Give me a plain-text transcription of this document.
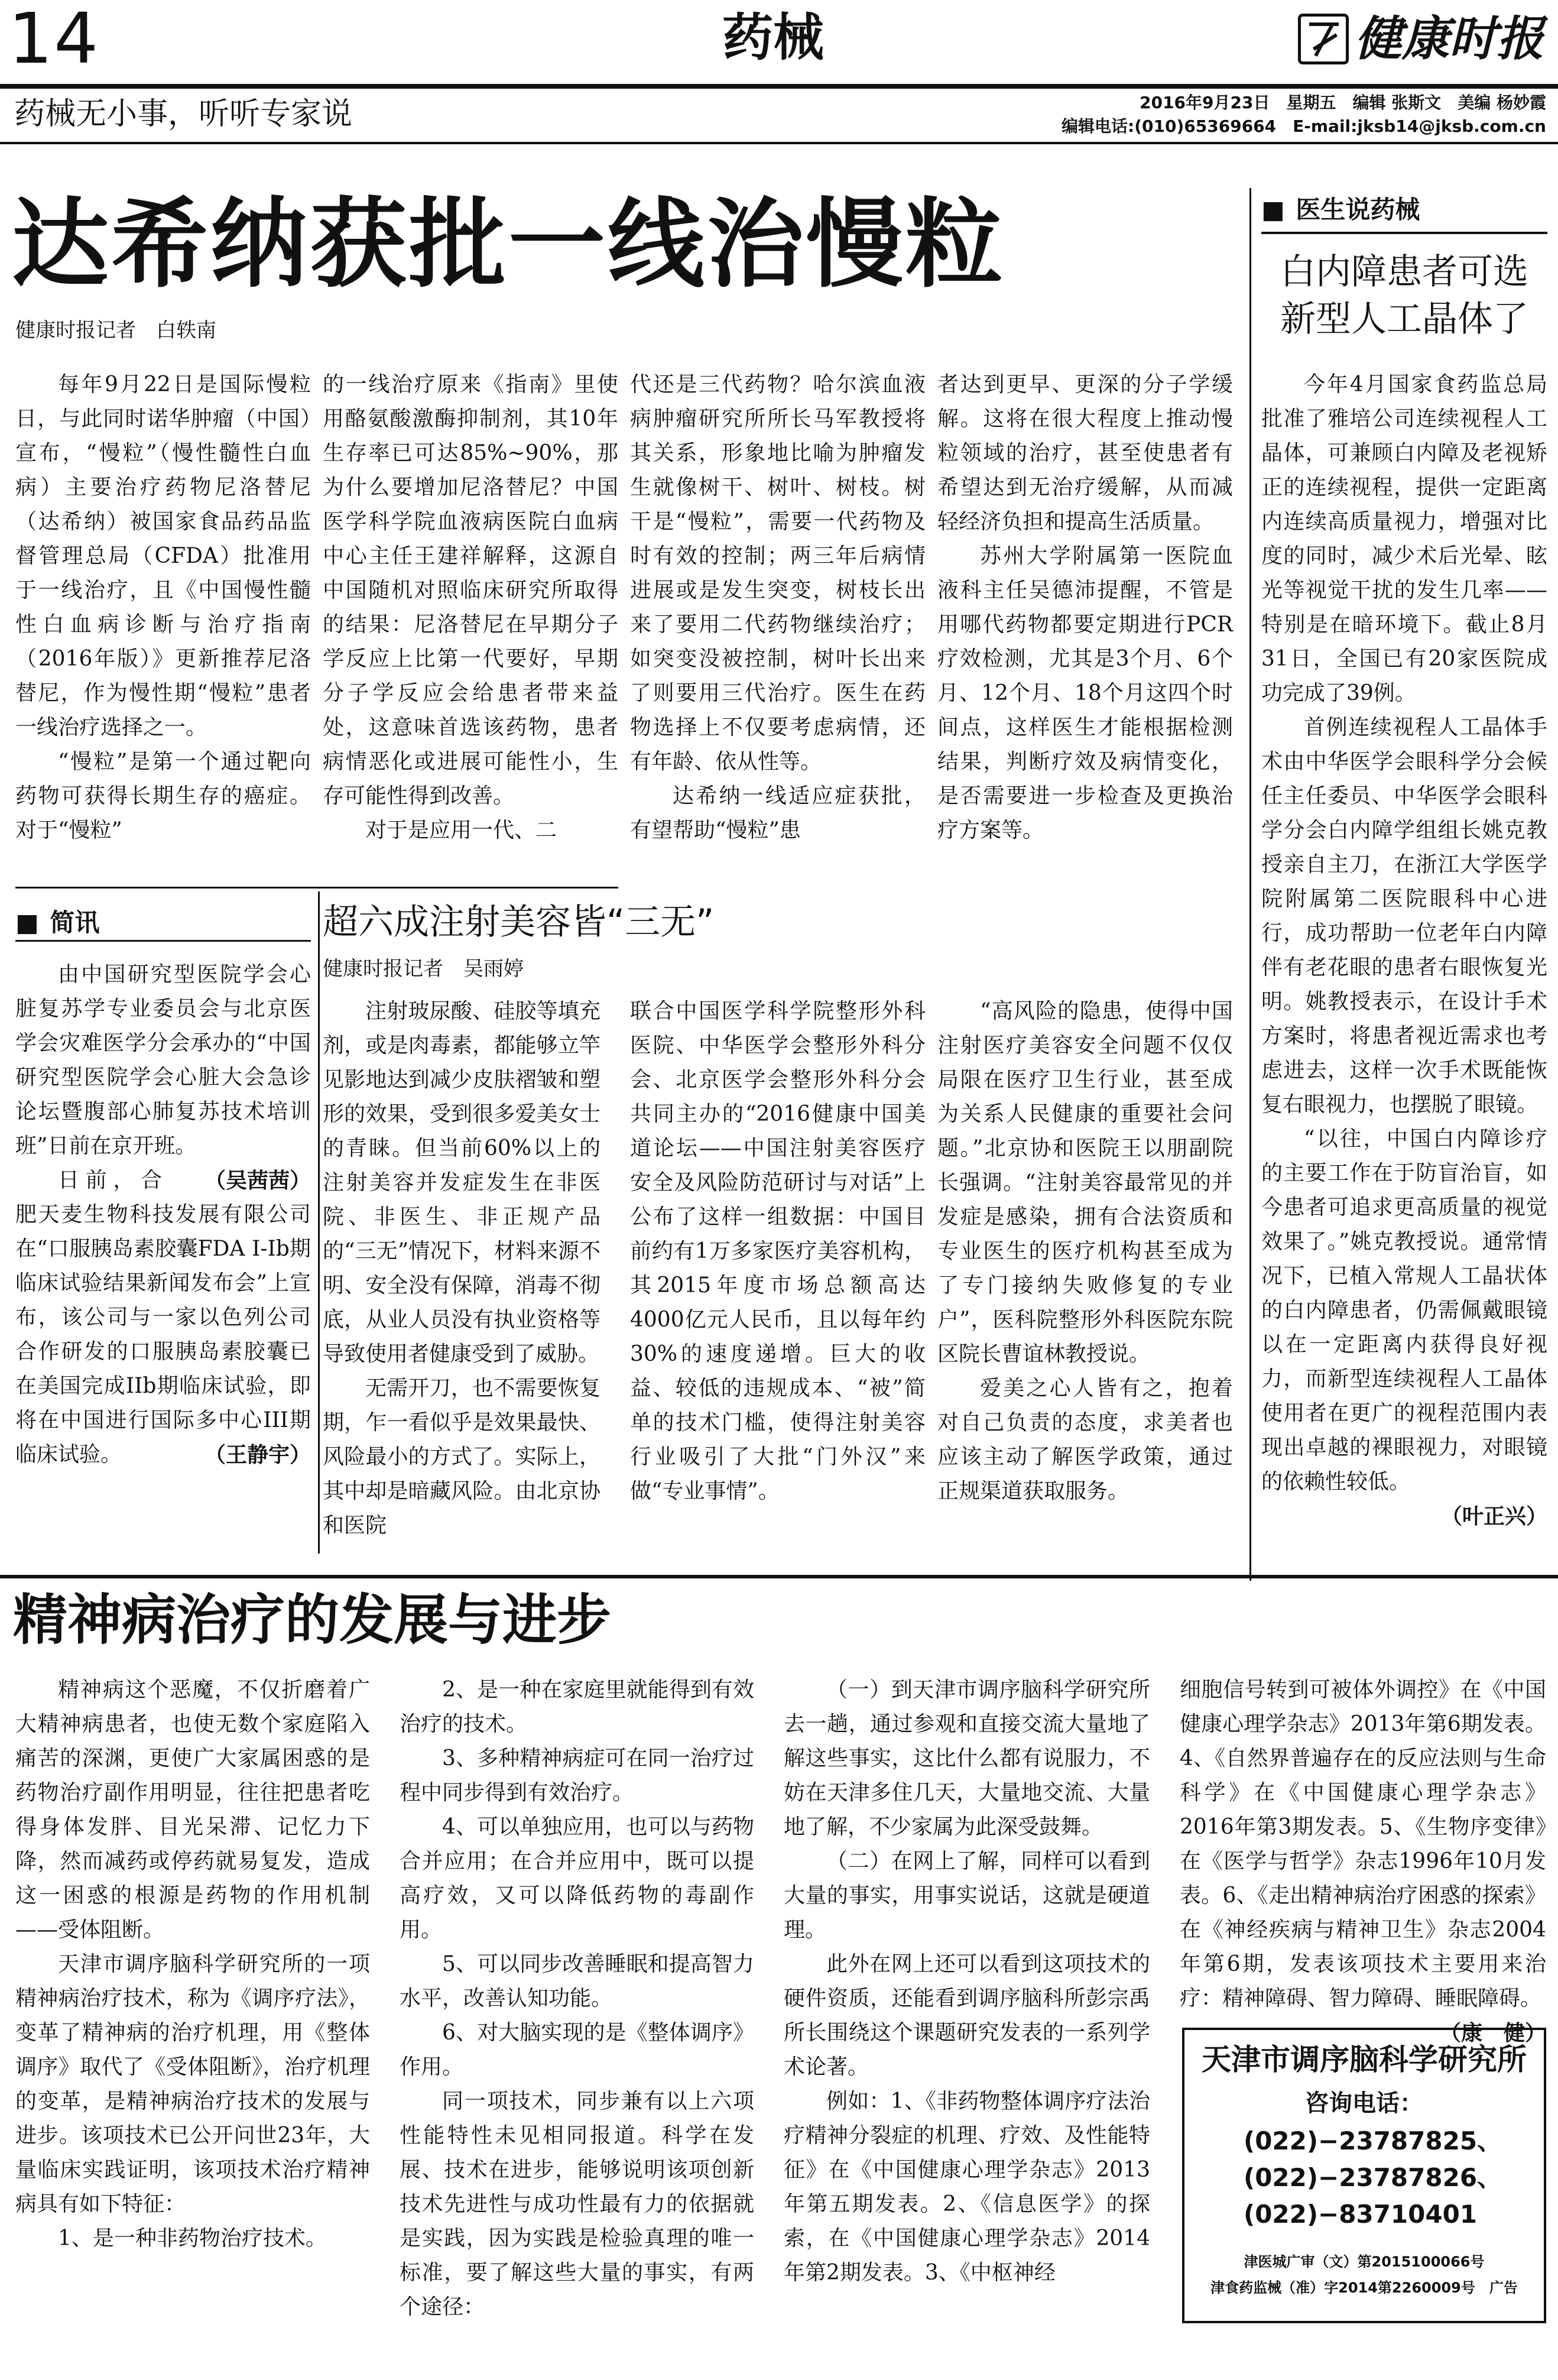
14	药械	健康时报
药械无小事，听听专家说	2016年9月23日　星期五　编辑 张斯文　美编 杨妙霞
编辑电话:(010)65369664　E-mail:jksb14@jksb.com.cn
达希纳获批一线治慢粒
健康时报记者　白轶南

每年9月22日是国际慢粒日，与此同时诺华肿瘤（中国）宣布，“慢粒”（慢性髓性白血病）主要治疗药物尼洛替尼（达希纳）被国家食品药品监督管理总局（CFDA）批准用于一线治疗，且《中国慢性髓性白血病诊断与治疗指南（2016年版）》更新推荐尼洛替尼，作为慢性期“慢粒”患者一线治疗选择之一。

“慢粒”是第一个通过靶向药物可获得长期生存的癌症。对于“慢粒”

的一线治疗原来《指南》里使用酪氨酸激酶抑制剂，其10年生存率已可达85%~90%，那为什么要增加尼洛替尼？中国医学科学院血液病医院白血病中心主任王建祥解释，这源自中国随机对照临床研究所取得的结果：尼洛替尼在早期分子学反应上比第一代要好，早期分子学反应会给患者带来益处，这意味首选该药物，患者病情恶化或进展可能性小，生存可能性得到改善。

对于是应用一代、二

代还是三代药物？哈尔滨血液病肿瘤研究所所长马军教授将其关系，形象地比喻为肿瘤发生就像树干、树叶、树枝。树干是“慢粒”，需要一代药物及时有效的控制；两三年后病情进展或是发生突变，树枝长出来了要用二代药物继续治疗；如突变没被控制，树叶长出来了则要用三代治疗。医生在药物选择上不仅要考虑病情，还有年龄、依从性等。

达希纳一线适应症获批，有望帮助“慢粒”患

者达到更早、更深的分子学缓解。这将在很大程度上推动慢粒领域的治疗，甚至使患者有希望达到无治疗缓解，从而减轻经济负担和提高生活质量。

苏州大学附属第一医院血液科主任吴德沛提醒，不管是用哪代药物都要定期进行PCR疗效检测，尤其是3个月、6个月、12个月、18个月这四个时间点，这样医生才能根据检测结果，判断疗效及病情变化，是否需要进一步检查及更换治疗方案等。

■ 医生说药械
白内障患者可选
新型人工晶体了

今年4月国家食药监总局批准了雅培公司连续视程人工晶体，可兼顾白内障及老视矫正的连续视程，提供一定距离内连续高质量视力，增强对比度的同时，减少术后光晕、眩光等视觉干扰的发生几率——特别是在暗环境下。截止8月31日，全国已有20家医院成功完成了39例。

首例连续视程人工晶体手术由中华医学会眼科学分会候任主任委员、中华医学会眼科学分会白内障学组组长姚克教授亲自主刀，在浙江大学医学院附属第二医院眼科中心进行，成功帮助一位老年白内障伴有老花眼的患者右眼恢复光明。姚教授表示，在设计手术方案时，将患者视近需求也考虑进去，这样一次手术既能恢复右眼视力，也摆脱了眼镜。

“以往，中国白内障诊疗的主要工作在于防盲治盲，如今患者可追求更高质量的视觉效果了。”姚克教授说。通常情况下，已植入常规人工晶状体的白内障患者，仍需佩戴眼镜以在一定距离内获得良好视力，而新型连续视程人工晶体使用者在更广的视程范围内表现出卓越的裸眼视力，对眼镜的依赖性较低。
（叶正兴）

■ 简讯

由中国研究型医院学会心脏复苏学专业委员会与北京医学会灾难医学分会承办的“中国研究型医院学会心脏大会急诊论坛暨腹部心肺复苏技术培训班”日前在京开班。
（吴茜茜）

日前，合肥天麦生物科技发展有限公司在“口服胰岛素胶囊FDA I-Ib期临床试验结果新闻发布会”上宣布，该公司与一家以色列公司合作研发的口服胰岛素胶囊已在美国完成IIb期临床试验，即将在中国进行国际多中心III期临床试验。	（王静宇）

超六成注射美容皆“三无”
健康时报记者　吴雨婷

注射玻尿酸、硅胶等填充剂，或是肉毒素，都能够立竿见影地达到减少皮肤褶皱和塑形的效果，受到很多爱美女士的青睐。但当前60%以上的注射美容并发症发生在非医院、非医生、非正规产品的“三无”情况下，材料来源不明、安全没有保障，消毒不彻底，从业人员没有执业资格等导致使用者健康受到了威胁。

无需开刀，也不需要恢复期，乍一看似乎是效果最快、风险最小的方式了。实际上，其中却是暗藏风险。由北京协和医院

联合中国医学科学院整形外科医院、中华医学会整形外科分会、北京医学会整形外科分会共同主办的“2016健康中国美道论坛——中国注射美容医疗安全及风险防范研讨与对话”上公布了这样一组数据：中国目前约有1万多家医疗美容机构，其2015年度市场总额高达4000亿元人民币，且以每年约30%的速度递增。巨大的收益、较低的违规成本、“被”简单的技术门槛，使得注射美容行业吸引了大批“门外汉”来做“专业事情”。

“高风险的隐患，使得中国注射医疗美容安全问题不仅仅局限在医疗卫生行业，甚至成为关系人民健康的重要社会问题。”北京协和医院王以朋副院长强调。“注射美容最常见的并发症是感染，拥有合法资质和专业医生的医疗机构甚至成为了专门接纳失败修复的专业户”，医科院整形外科医院东院区院长曹谊林教授说。

爱美之心人皆有之，抱着对自己负责的态度，求美者也应该主动了解医学政策，通过正规渠道获取服务。

精神病治疗的发展与进步

精神病这个恶魔，不仅折磨着广大精神病患者，也使无数个家庭陷入痛苦的深渊，更使广大家属困惑的是药物治疗副作用明显，往往把患者吃得身体发胖、目光呆滞、记忆力下降，然而减药或停药就易复发，造成这一困惑的根源是药物的作用机制——受体阻断。

天津市调序脑科学研究所的一项精神病治疗技术，称为《调序疗法》，变革了精神病的治疗机理，用《整体调序》取代了《受体阻断》，治疗机理的变革，是精神病治疗技术的发展与进步。该项技术已公开问世23年，大量临床实践证明，该项技术治疗精神病具有如下特征：

1、是一种非药物治疗技术。

2、是一种在家庭里就能得到有效治疗的技术。

3、多种精神病症可在同一治疗过程中同步得到有效治疗。

4、可以单独应用，也可以与药物合并应用；在合并应用中，既可以提高疗效，又可以降低药物的毒副作用。

5、可以同步改善睡眠和提高智力水平，改善认知功能。

6、对大脑实现的是《整体调序》作用。

同一项技术，同步兼有以上六项性能特性未见相同报道。科学在发展、技术在进步，能够说明该项创新技术先进性与成功性最有力的依据就是实践，因为实践是检验真理的唯一标准，要了解这些大量的事实，有两个途径：

（一）到天津市调序脑科学研究所去一趟，通过参观和直接交流大量地了解这些事实，这比什么都有说服力，不妨在天津多住几天，大量地交流、大量地了解，不少家属为此深受鼓舞。

（二）在网上了解，同样可以看到大量的事实，用事实说话，这就是硬道理。

此外在网上还可以看到这项技术的硬件资质，还能看到调序脑科所彭宗禹所长围绕这个课题研究发表的一系列学术论著。

例如：1、《非药物整体调序疗法治疗精神分裂症的机理、疗效、及性能特征》在《中国健康心理学杂志》2013年第五期发表。2、《信息医学》的探索，在《中国健康心理学杂志》2014年第2期发表。3、《中枢神经

细胞信号转到可被体外调控》在《中国健康心理学杂志》2013年第6期发表。4、《自然界普遍存在的反应法则与生命科学》在《中国健康心理学杂志》2016年第3期发表。5、《生物序变律》在《医学与哲学》杂志1996年10月发表。6、《走出精神病治疗困惑的探索》在《神经疾病与精神卫生》杂志2004年第6期，发表该项技术主要用来治疗：精神障碍、智力障碍、睡眠障碍。
（康　健）

天津市调序脑科学研究所
咨询电话：
(022)−23787825、
(022)−23787826、
(022)−83710401
津医城广审（文）第2015100066号
津食药监械（准）字2014第2260009号　广告
